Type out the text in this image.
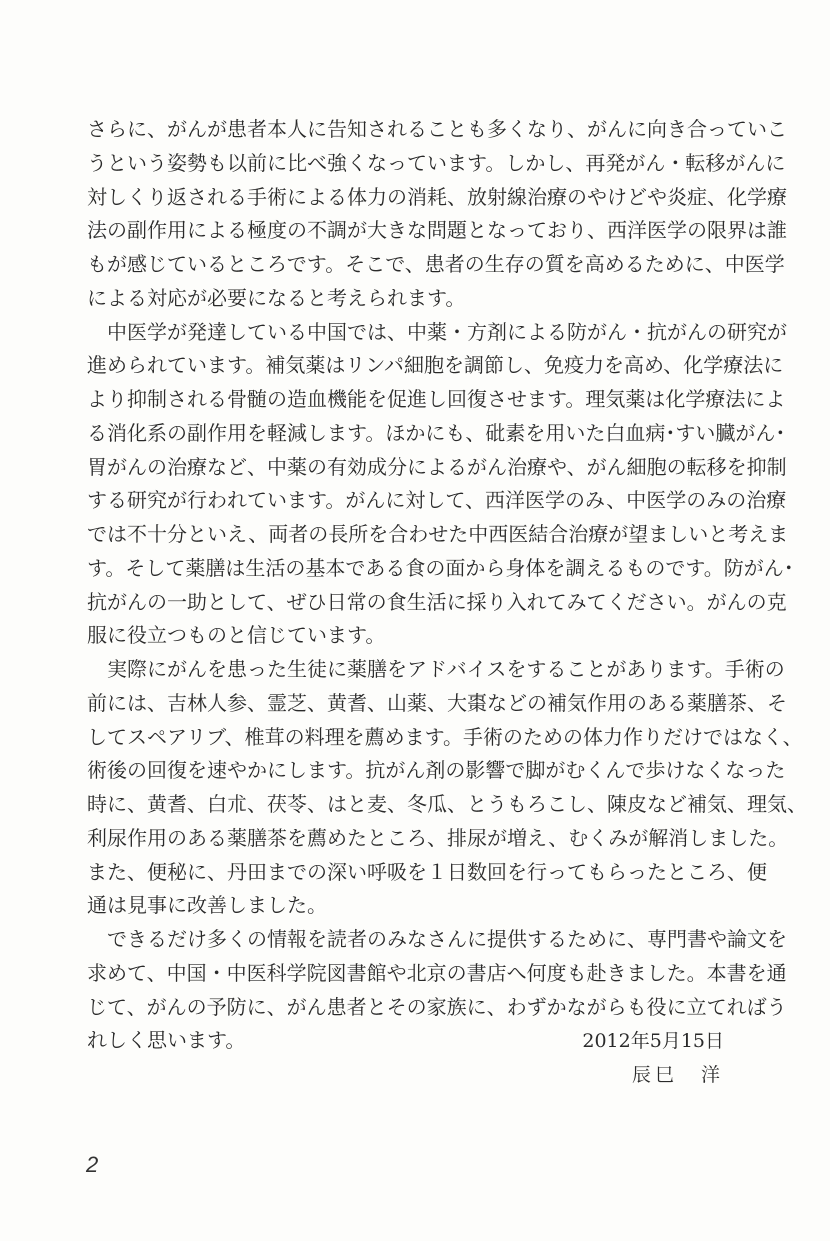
さらに、がんが患者本人に告知されることも多くなり、がんに向き合っていこ
うという姿勢も以前に比べ強くなっています。しかし、再発がん・転移がんに
対しくり返される手術による体力の消耗、放射線治療のやけどや炎症、化学療
法の副作用による極度の不調が大きな問題となっており、西洋医学の限界は誰
もが感じているところです。そこで、患者の生存の質を高めるために、中医学
による対応が必要になると考えられます。
　中医学が発達している中国では、中薬・方剤による防がん・抗がんの研究が
進められています。補気薬はリンパ細胞を調節し、免疫力を高め、化学療法に
より抑制される骨髄の造血機能を促進し回復させます。理気薬は化学療法によ
る消化系の副作用を軽減します。ほかにも、砒素を用いた白血病･すい臓がん･
胃がんの治療など、中薬の有効成分によるがん治療や、がん細胞の転移を抑制
する研究が行われています。がんに対して、西洋医学のみ、中医学のみの治療
では不十分といえ、両者の長所を合わせた中西医結合治療が望ましいと考えま
す。そして薬膳は生活の基本である食の面から身体を調えるものです。防がん･
抗がんの一助として、ぜひ日常の食生活に採り入れてみてください。がんの克
服に役立つものと信じています。
　実際にがんを患った生徒に薬膳をアドバイスをすることがあります。手術の
前には、吉林人参、霊芝、黄耆、山薬、大棗などの補気作用のある薬膳茶、そ
してスペアリブ、椎茸の料理を薦めます。手術のための体力作りだけではなく、
術後の回復を速やかにします。抗がん剤の影響で脚がむくんで歩けなくなった
時に、黄耆、白朮、茯苓、はと麦、冬瓜、とうもろこし、陳皮など補気、理気、
利尿作用のある薬膳茶を薦めたところ、排尿が増え、むくみが解消しました。
また、便秘に、丹田までの深い呼吸を１日数回を行ってもらったところ、便
通は見事に改善しました。
　できるだけ多くの情報を読者のみなさんに提供するために、専門書や論文を
求めて、中国・中医科学院図書館や北京の書店へ何度も赴きました。本書を通
じて、がんの予防に、がん患者とその家族に、わずかながらも役に立てればう
れしく思います。	2012年5月15日
辰巳　洋
2
